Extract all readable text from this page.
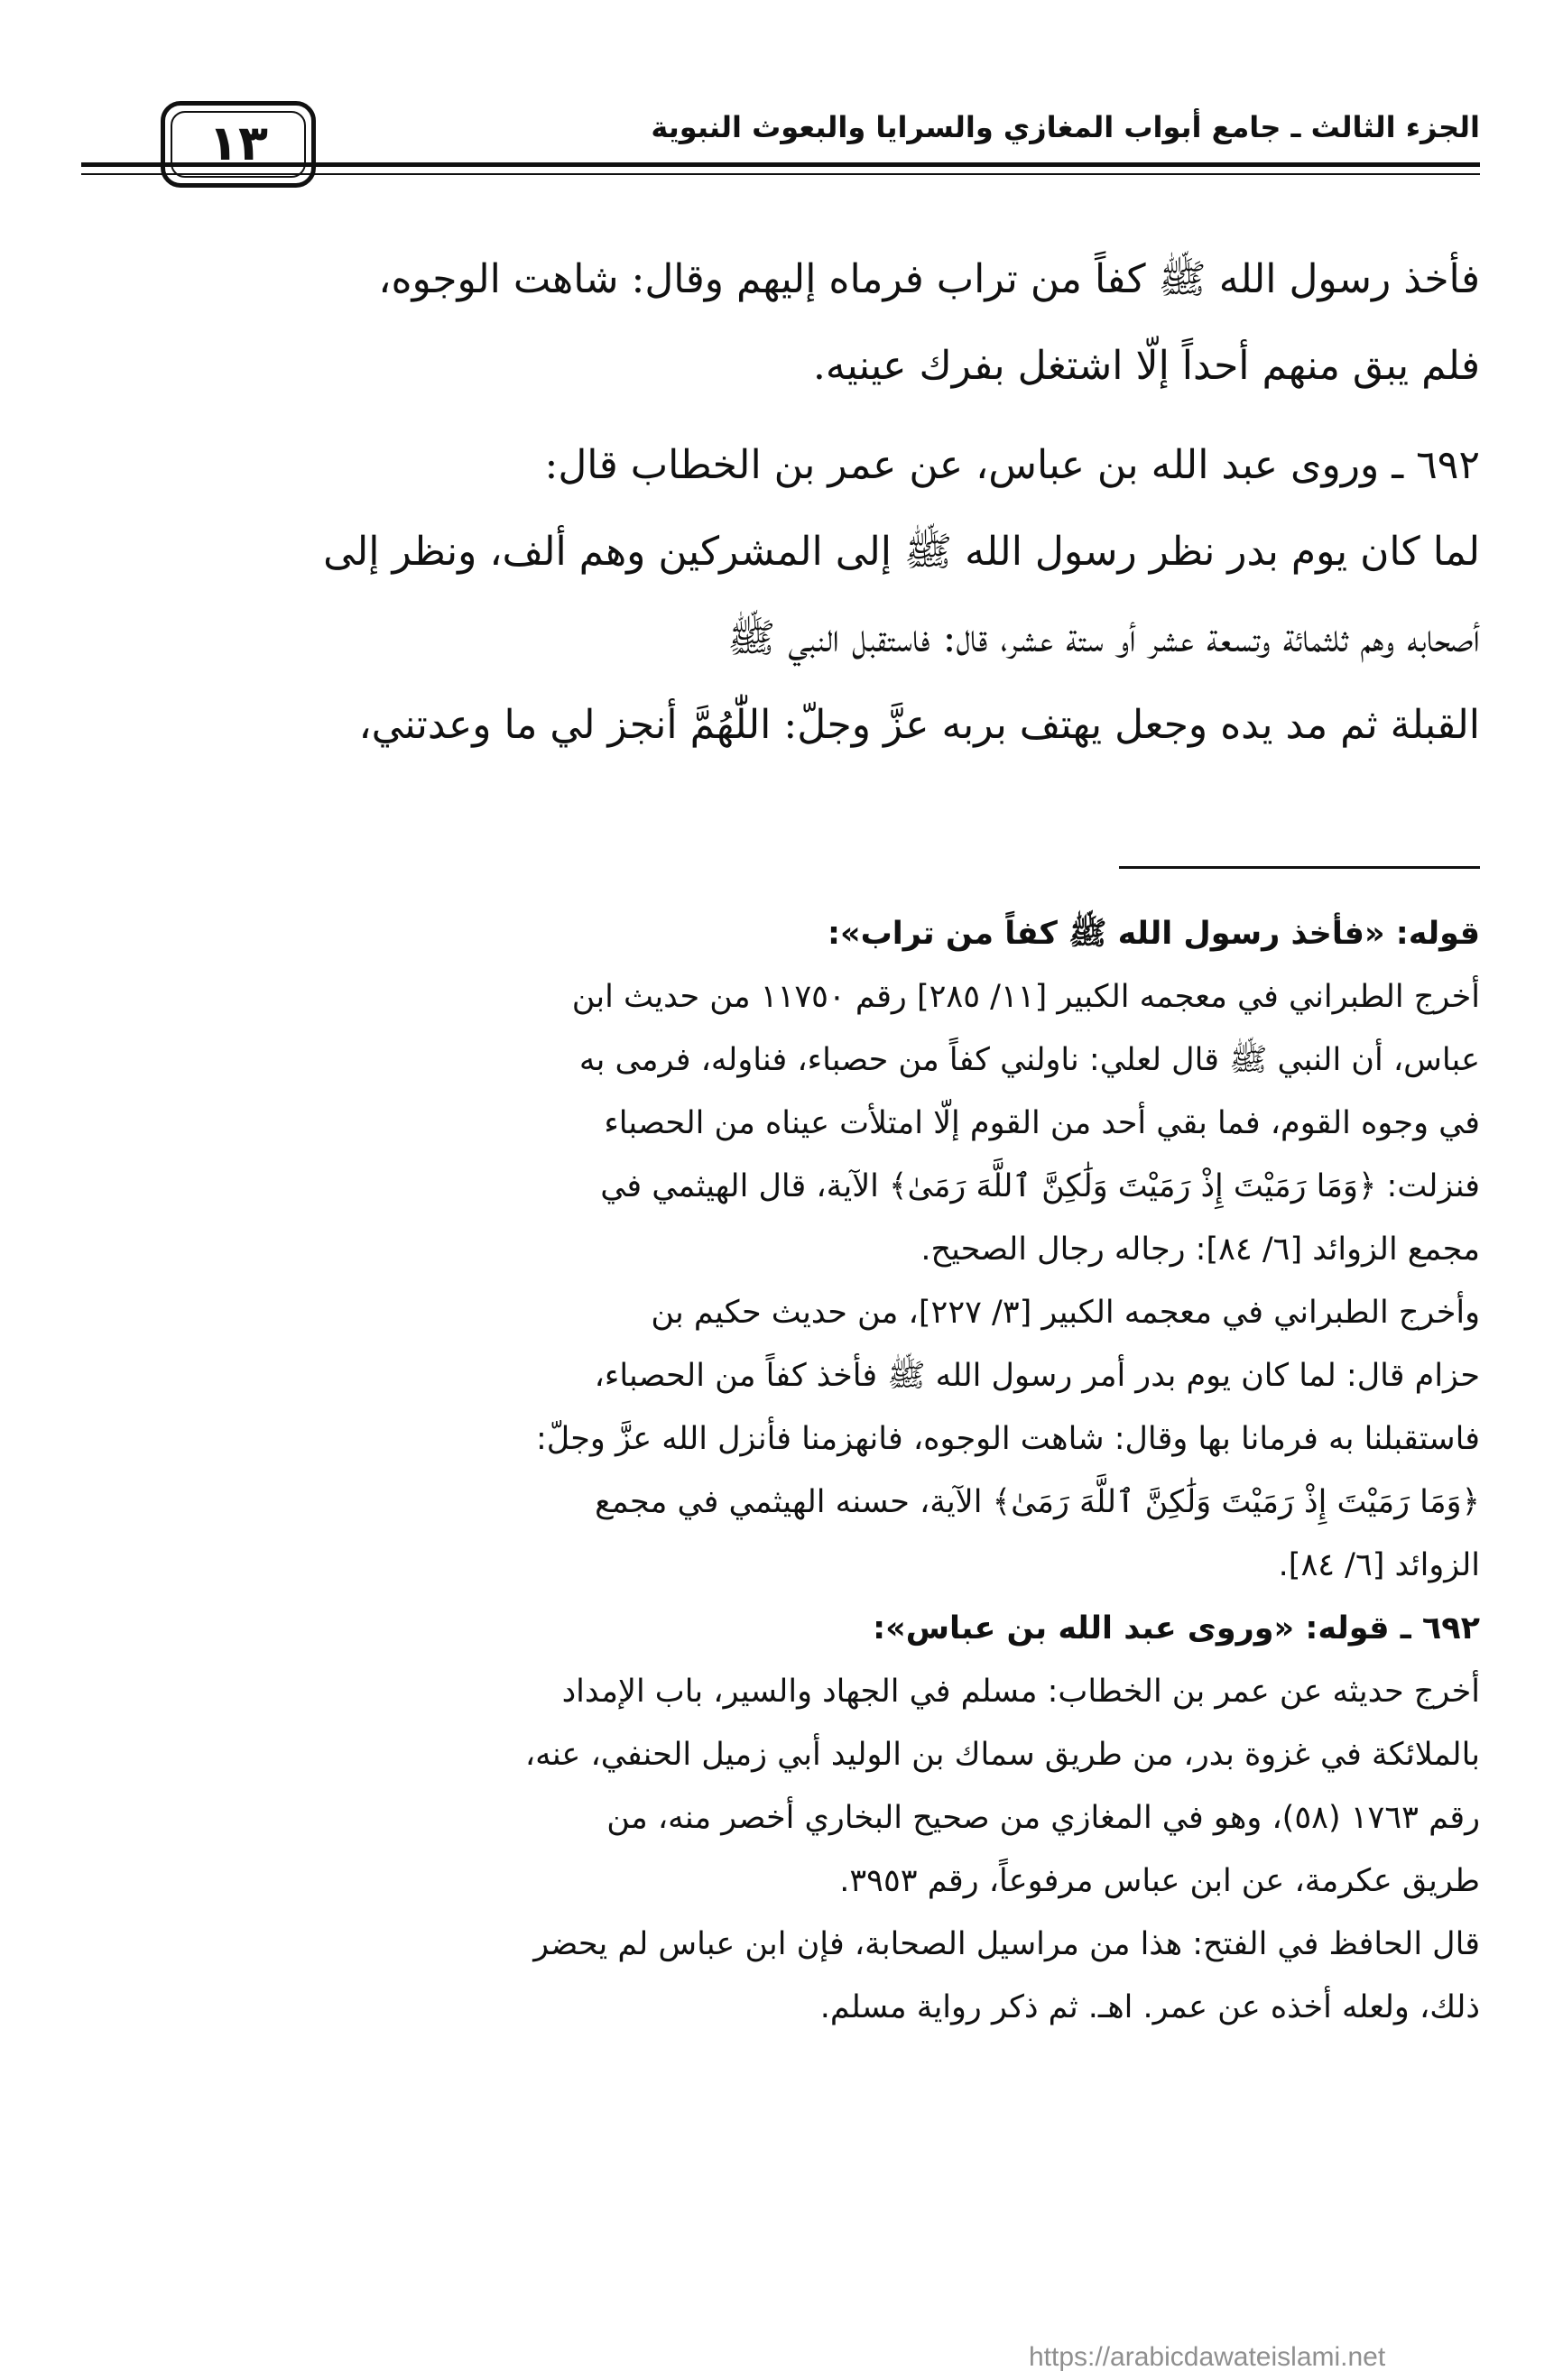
الجزء الثالث ـ جامع أبواب المغازي والسرايا والبعوث النبوية
١٣

فأخذ رسول الله ﷺ كفاً من تراب فرماه إليهم وقال: شاهت الوجوه،
فلم يبق منهم أحداً إلّا اشتغل بفرك عينيه.

٦٩٢ ـ وروى عبد الله بن عباس، عن عمر بن الخطاب قال:
لما كان يوم بدر نظر رسول الله ﷺ إلى المشركين وهم ألف، ونظر إلى
أصحابه وهم ثلثمائة وتسعة عشر أو ستة عشر، قال: فاستقبل النبي ﷺ
القبلة ثم مد يده وجعل يهتف بربه عزَّ وجلّ: اللّٰهُمَّ أنجز لي ما وعدتني،

قوله: «فأخذ رسول الله ﷺ كفاً من تراب»:
أخرج الطبراني في معجمه الكبير [١١/ ٢٨٥] رقم ١١٧٥٠ من حديث ابن
عباس، أن النبي ﷺ قال لعلي: ناولني كفاً من حصباء، فناوله، فرمى به
في وجوه القوم، فما بقي أحد من القوم إلّا امتلأت عيناه من الحصباء
فنزلت: ﴿وَمَا رَمَيْتَ إِذْ رَمَيْتَ وَلَٰكِنَّ ٱللَّهَ رَمَىٰ﴾ الآية، قال الهيثمي في
مجمع الزوائد [٦/ ٨٤]: رجاله رجال الصحيح.
وأخرج الطبراني في معجمه الكبير [٣/ ٢٢٧]، من حديث حكيم بن
حزام قال: لما كان يوم بدر أمر رسول الله ﷺ فأخذ كفاً من الحصباء،
فاستقبلنا به فرمانا بها وقال: شاهت الوجوه، فانهزمنا فأنزل الله عزَّ وجلّ:
﴿وَمَا رَمَيْتَ إِذْ رَمَيْتَ وَلَٰكِنَّ ٱللَّهَ رَمَىٰ﴾ الآية، حسنه الهيثمي في مجمع
الزوائد [٦/ ٨٤].
٦٩٢ ـ قوله: «وروى عبد الله بن عباس»:
أخرج حديثه عن عمر بن الخطاب: مسلم في الجهاد والسير، باب الإمداد
بالملائكة في غزوة بدر، من طريق سماك بن الوليد أبي زميل الحنفي، عنه،
رقم ١٧٦٣ (٥٨)، وهو في المغازي من صحيح البخاري أخصر منه، من
طريق عكرمة، عن ابن عباس مرفوعاً، رقم ٣٩٥٣.
قال الحافظ في الفتح: هذا من مراسيل الصحابة، فإن ابن عباس لم يحضر
ذلك، ولعله أخذه عن عمر. اهـ. ثم ذكر رواية مسلم.
https://arabicdawateislami.net
